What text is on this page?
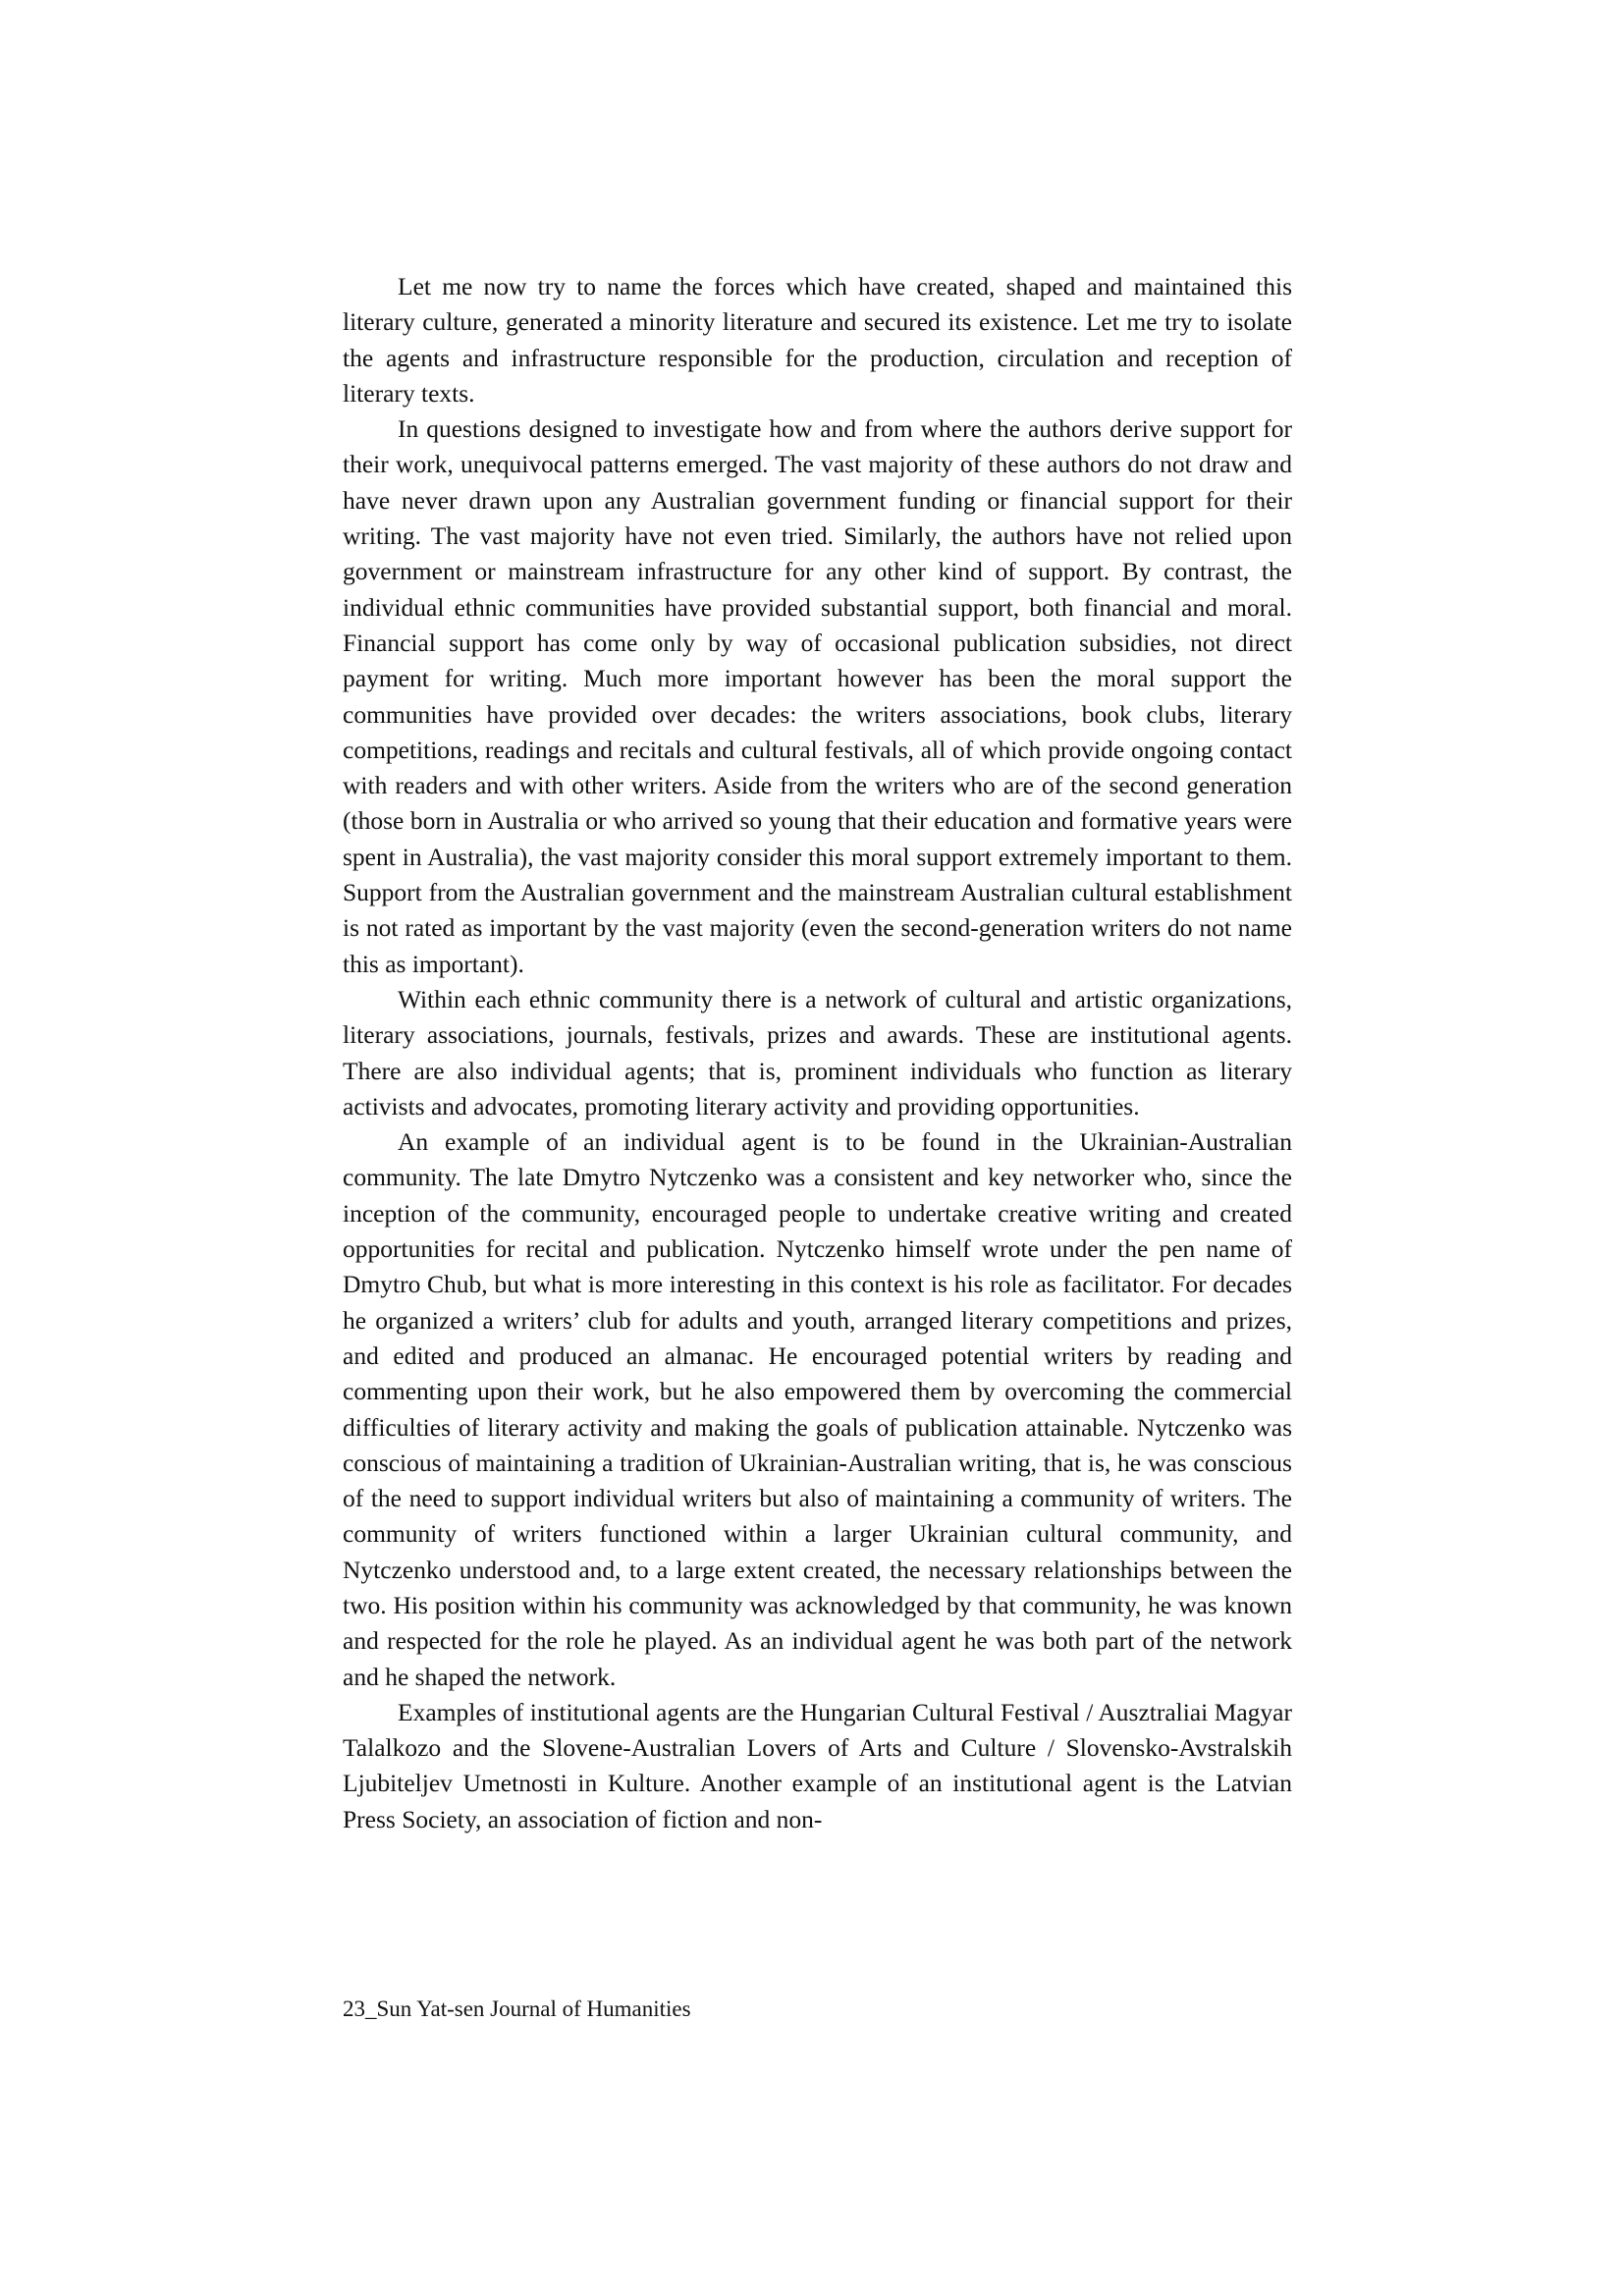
Let me now try to name the forces which have created, shaped and maintained this literary culture, generated a minority literature and secured its existence. Let me try to isolate the agents and infrastructure responsible for the production, circulation and reception of literary texts.

In questions designed to investigate how and from where the authors derive support for their work, unequivocal patterns emerged. The vast majority of these authors do not draw and have never drawn upon any Australian government funding or financial support for their writing. The vast majority have not even tried. Similarly, the authors have not relied upon government or mainstream infrastructure for any other kind of support. By contrast, the individual ethnic communities have provided substantial support, both financial and moral. Financial support has come only by way of occasional publication subsidies, not direct payment for writing. Much more important however has been the moral support the communities have provided over decades: the writers associations, book clubs, literary competitions, readings and recitals and cultural festivals, all of which provide ongoing contact with readers and with other writers. Aside from the writers who are of the second generation (those born in Australia or who arrived so young that their education and formative years were spent in Australia), the vast majority consider this moral support extremely important to them. Support from the Australian government and the mainstream Australian cultural establishment is not rated as important by the vast majority (even the second-generation writers do not name this as important).

Within each ethnic community there is a network of cultural and artistic organizations, literary associations, journals, festivals, prizes and awards. These are institutional agents. There are also individual agents; that is, prominent individuals who function as literary activists and advocates, promoting literary activity and providing opportunities.

An example of an individual agent is to be found in the Ukrainian-Australian community. The late Dmytro Nytczenko was a consistent and key networker who, since the inception of the community, encouraged people to undertake creative writing and created opportunities for recital and publication. Nytczenko himself wrote under the pen name of Dmytro Chub, but what is more interesting in this context is his role as facilitator. For decades he organized a writers’ club for adults and youth, arranged literary competitions and prizes, and edited and produced an almanac. He encouraged potential writers by reading and commenting upon their work, but he also empowered them by overcoming the commercial difficulties of literary activity and making the goals of publication attainable. Nytczenko was conscious of maintaining a tradition of Ukrainian-Australian writing, that is, he was conscious of the need to support individual writers but also of maintaining a community of writers. The community of writers functioned within a larger Ukrainian cultural community, and Nytczenko understood and, to a large extent created, the necessary relationships between the two. His position within his community was acknowledged by that community, he was known and respected for the role he played. As an individual agent he was both part of the network and he shaped the network.

Examples of institutional agents are the Hungarian Cultural Festival / Ausztraliai Magyar Talalkozo and the Slovene-Australian Lovers of Arts and Culture / Slovensko-Avstralskih Ljubiteljev Umetnosti in Kulture. Another example of an institutional agent is the Latvian Press Society, an association of fiction and non-

23_Sun Yat-sen Journal of Humanities
